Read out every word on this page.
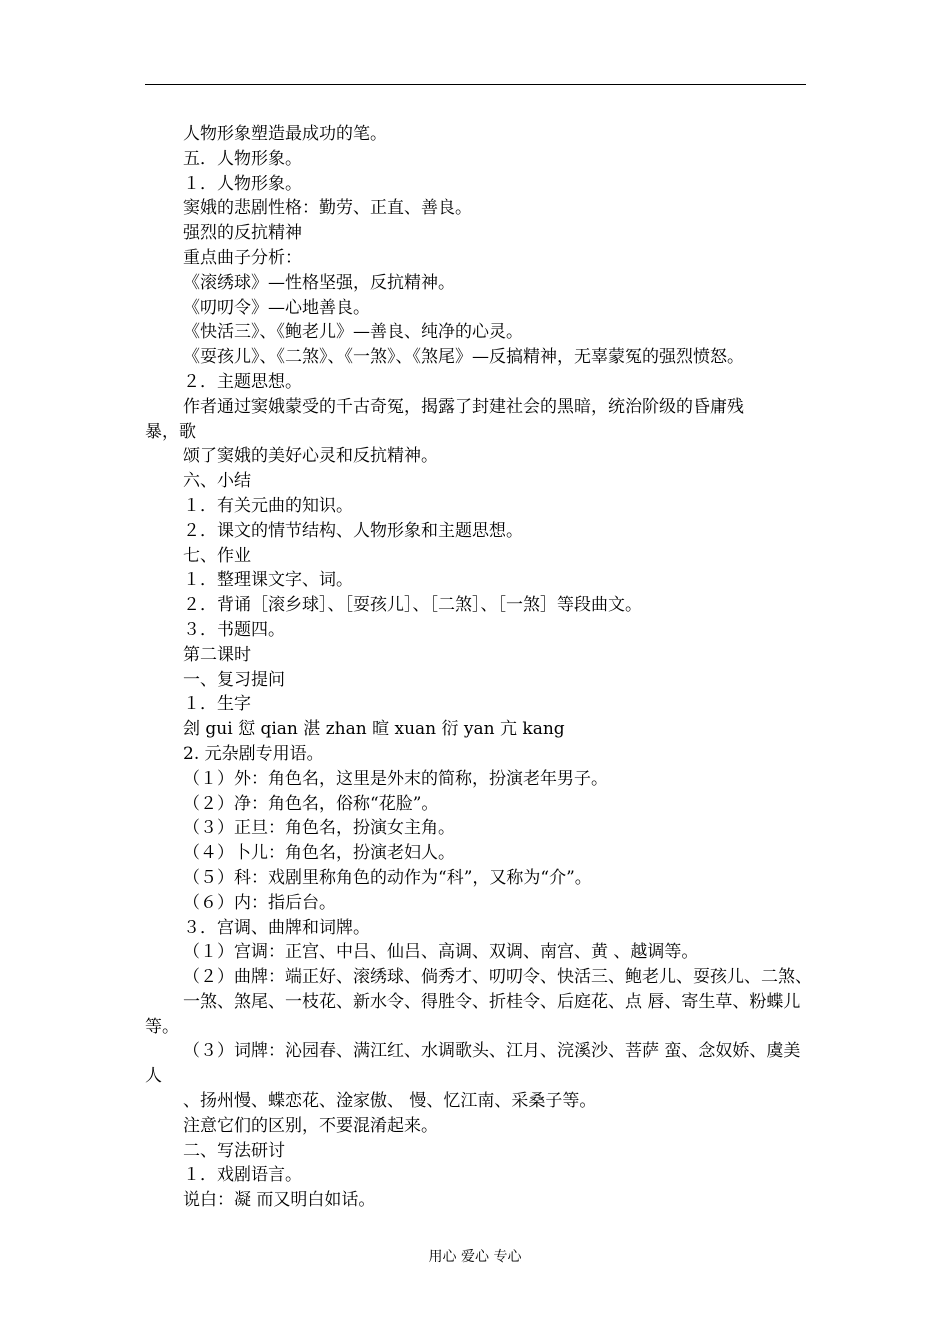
人物形象塑造最成功的笔。
五．人物形象。
１．人物形象。
窦娥的悲剧性格：勤劳、正直、善良。
强烈的反抗精神
重点曲子分析：
《滚绣球》—性格坚强，反抗精神。
《叨叨令》—心地善良。
《快活三》、《鲍老儿》—善良、纯净的心灵。
《耍孩儿》、《二煞》、《一煞》、《煞尾》—反搞精神，无辜蒙冤的强烈愤怒。
２．主题思想。
作者通过窦娥蒙受的千古奇冤，揭露了封建社会的黑暗，统治阶级的昏庸残
暴，歌
颂了窦娥的美好心灵和反抗精神。
六、小结
１．有关元曲的知识。
２．课文的情节结构、人物形象和主题思想。
七、作业
１．整理课文字、词。
２．背诵［滚乡球］、［耍孩儿］、［二煞］、［一煞］等段曲文。
３．书题四。
第二课时
一、复习提问
１．生字
刽 gui 愆 qian 湛 zhan 暄 xuan 衍 yan 亢 kang
2. 元杂剧专用语。
（１）外：角色名，这里是外末的简称，扮演老年男子。
（２）净：角色名，俗称“花脸”。
（３）正旦：角色名，扮演女主角。
（４）卜儿：角色名，扮演老妇人。
（５）科：戏剧里称角色的动作为“科”，又称为“介”。
（６）内：指后台。
３．宫调、曲牌和词牌。
（１）宫调：正宫、中吕、仙吕、高调、双调、南宫、黄 、越调等。
（２）曲牌：端正好、滚绣球、倘秀才、叨叨令、快活三、鲍老儿、耍孩儿、二煞、
一煞、煞尾、一枝花、新水令、得胜令、折桂令、后庭花、点 唇、寄生草、粉蝶儿
等。
（３）词牌：沁园春、满江红、水调歌头、江月、浣溪沙、菩萨 蛮、念奴娇、虞美
人
、扬州慢、蝶恋花、淦家傲、 慢、忆江南、采桑子等。
注意它们的区别，不要混淆起来。
二、写法研讨
１．戏剧语言。
说白：凝 而又明白如话。
用心 爱心 专心
